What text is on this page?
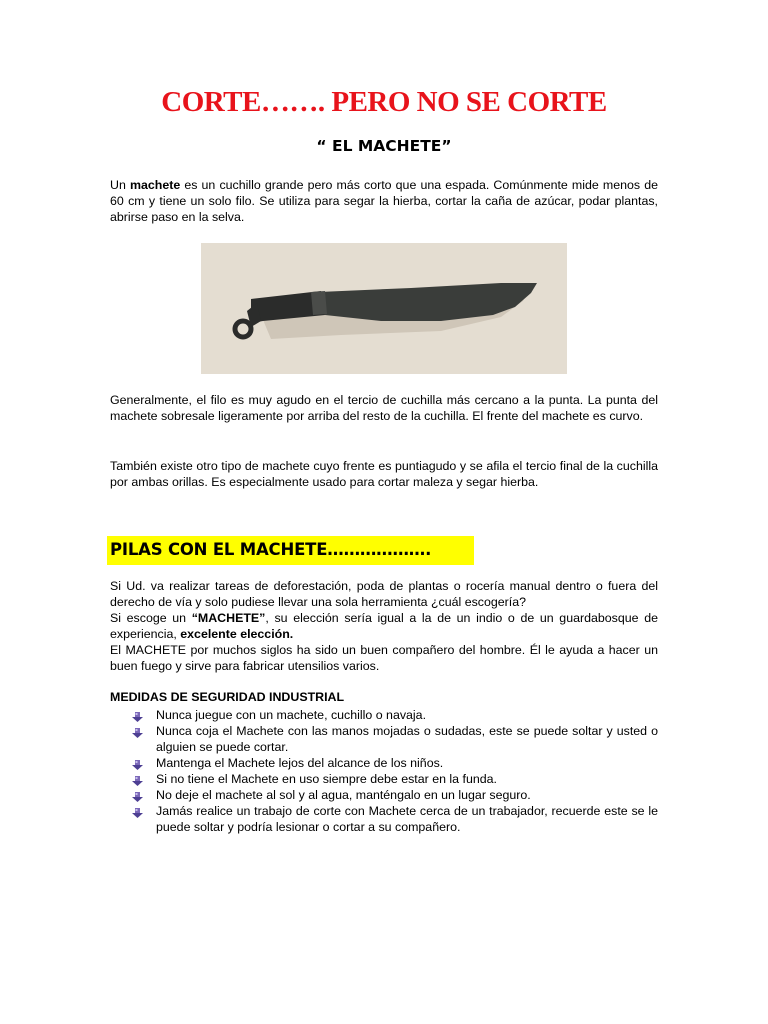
CORTE……. PERO NO SE CORTE
“ EL MACHETE”
Un machete es un cuchillo grande pero más corto que una espada. Comúnmente mide menos de 60 cm y tiene un solo filo. Se utiliza para segar la hierba, cortar la caña de azúcar, podar plantas, abrirse paso en la selva.
Generalmente, el filo es muy agudo en el tercio de cuchilla más cercano a la punta. La punta del machete sobresale ligeramente por arriba del resto de la cuchilla. El frente del machete es curvo.
También existe otro tipo de machete cuyo frente es puntiagudo y se afila el tercio final de la cuchilla por ambas orillas. Es especialmente usado para cortar maleza y segar hierba.
PILAS CON EL MACHETE……………….
Si Ud. va realizar tareas de deforestación, poda de plantas o rocería manual dentro o fuera del derecho de vía y solo pudiese llevar una sola herramienta ¿cuál escogería?
Si escoge un “MACHETE”, su elección sería igual a la de un indio o de un guardabosque de experiencia, excelente elección.
El MACHETE por muchos siglos ha sido un buen compañero del hombre. Él le ayuda a hacer un buen fuego y sirve para fabricar utensilios varios.
MEDIDAS DE SEGURIDAD INDUSTRIAL
Nunca juegue con un machete, cuchillo o navaja.
Nunca coja el Machete con las manos mojadas o sudadas, este se puede soltar y usted o alguien se puede cortar.
Mantenga el Machete lejos del alcance de los niños.
Si no tiene el Machete en uso siempre debe estar en la funda.
No deje el machete al sol y al agua, manténgalo en un lugar seguro.
Jamás realice un trabajo de corte con Machete cerca de un trabajador, recuerde este se le puede soltar y podría lesionar o cortar a su compañero.
